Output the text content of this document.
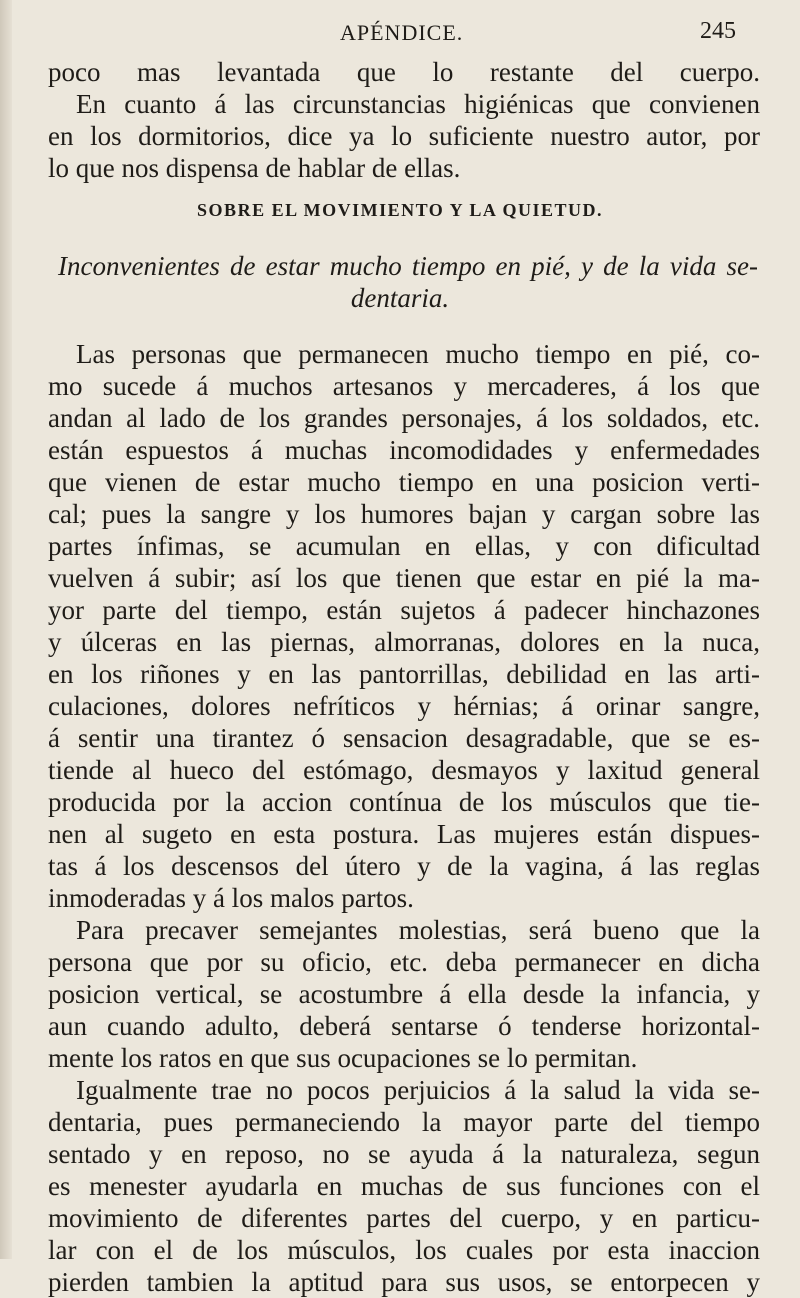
APÉNDICE.	245
poco mas levantada que lo restante del cuerpo.
En cuanto á las circunstancias higiénicas que convienen
en los dormitorios, dice ya lo suficiente nuestro autor, por
lo que nos dispensa de hablar de ellas.
SOBRE EL MOVIMIENTO Y LA QUIETUD.
Inconvenientes de estar mucho tiempo en pié, y de la vida se-
dentaria.
Las personas que permanecen mucho tiempo en pié, co-
mo sucede á muchos artesanos y mercaderes, á los que
andan al lado de los grandes personajes, á los soldados, etc.
están espuestos á muchas incomodidades y enfermedades
que vienen de estar mucho tiempo en una posicion verti-
cal; pues la sangre y los humores bajan y cargan sobre las
partes ínfimas, se acumulan en ellas, y con dificultad
vuelven á subir; así los que tienen que estar en pié la ma-
yor parte del tiempo, están sujetos á padecer hinchazones
y úlceras en las piernas, almorranas, dolores en la nuca,
en los riñones y en las pantorrillas, debilidad en las arti-
culaciones, dolores nefríticos y hérnias; á orinar sangre,
á sentir una tirantez ó sensacion desagradable, que se es-
tiende al hueco del estómago, desmayos y laxitud general
producida por la accion contínua de los músculos que tie-
nen al sugeto en esta postura. Las mujeres están dispues-
tas á los descensos del útero y de la vagina, á las reglas
inmoderadas y á los malos partos.
Para precaver semejantes molestias, será bueno que la
persona que por su oficio, etc. deba permanecer en dicha
posicion vertical, se acostumbre á ella desde la infancia, y
aun cuando adulto, deberá sentarse ó tenderse horizontal-
mente los ratos en que sus ocupaciones se lo permitan.
Igualmente trae no pocos perjuicios á la salud la vida se-
dentaria, pues permaneciendo la mayor parte del tiempo
sentado y en reposo, no se ayuda á la naturaleza, segun
es menester ayudarla en muchas de sus funciones con el
movimiento de diferentes partes del cuerpo, y en particu-
lar con el de los músculos, los cuales por esta inaccion
pierden tambien la aptitud para sus usos, se entorpecen y
